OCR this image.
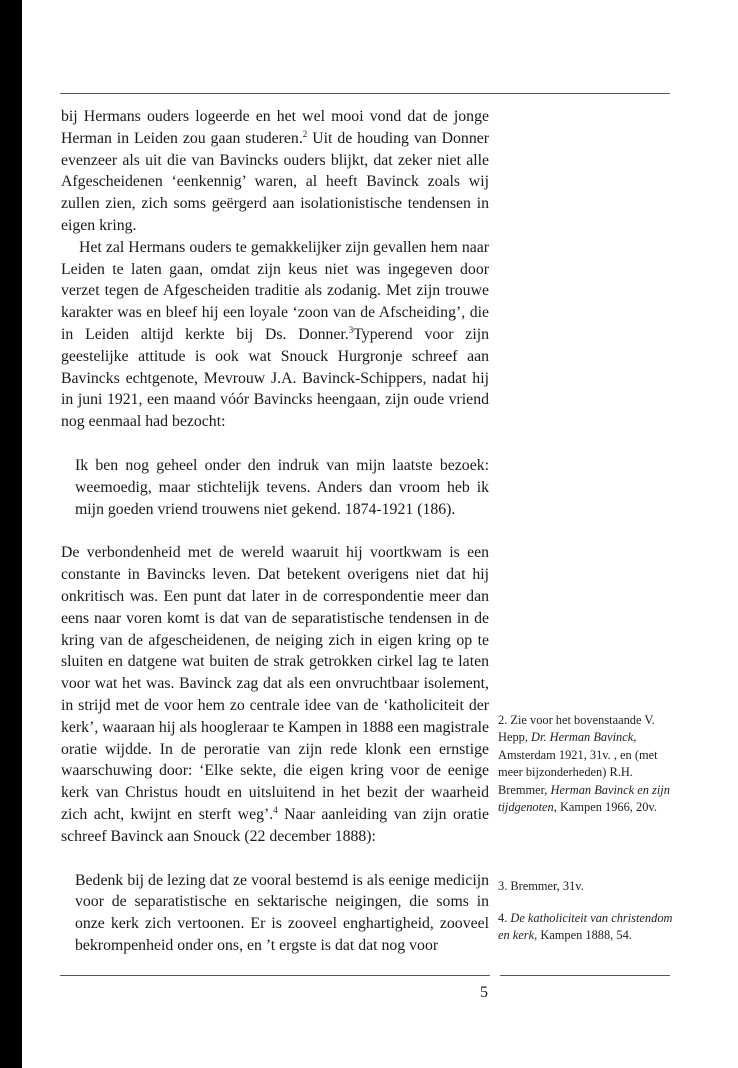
bij Hermans ouders logeerde en het wel mooi vond dat de jonge Herman in Leiden zou gaan studeren.$^2$ Uit de houding van Donner evenzeer als uit die van Bavincks ouders blijkt, dat zeker niet alle Afgescheidenen ‘eenkennig’ waren, al heeft Bavinck zoals wij zullen zien, zich soms geërgerd aan isolationistische tendensen in eigen kring.

Het zal Hermans ouders te gemakkelijker zijn gevallen hem naar Leiden te laten gaan, omdat zijn keus niet was ingegeven door verzet tegen de Afgescheiden traditie als zodanig. Met zijn trouwe karakter was en bleef hij een loyale ‘zoon van de Afscheiding’, die in Leiden altijd kerkte bij Ds. Donner.$^3$Typerend voor zijn geestelijke attitude is ook wat Snouck Hurgronje schreef aan Bavincks echtgenote, Mevrouw J.A. Bavinck-Schippers, nadat hij in juni 1921, een maand vóór Bavincks heengaan, zijn oude vriend nog eenmaal had bezocht:

Ik ben nog geheel onder den indruk van mijn laatste bezoek: weemoedig, maar stichtelijk tevens. Anders dan vroom heb ik mijn goeden vriend trouwens niet gekend. 1874-1921 (186).

De verbondenheid met de wereld waaruit hij voortkwam is een constante in Bavincks leven. Dat betekent overigens niet dat hij onkritisch was. Een punt dat later in de correspondentie meer dan eens naar voren komt is dat van de separatistische tendensen in de kring van de afgescheidenen, de neiging zich in eigen kring op te sluiten en datgene wat buiten de strak getrokken cirkel lag te laten voor wat het was. Bavinck zag dat als een onvruchtbaar isolement, in strijd met de voor hem zo centrale idee van de ‘katholiciteit der kerk’, waaraan hij als hoogleraar te Kampen in 1888 een magistrale oratie wijdde. In de peroratie van zijn rede klonk een ernstige waarschuwing door: ‘Elke sekte, die eigen kring voor de eenige kerk van Christus houdt en uitsluitend in het bezit der waarheid zich acht, kwijnt en sterft weg’.$^4$ Naar aanleiding van zijn oratie schreef Bavinck aan Snouck (22 december 1888):

Bedenk bij de lezing dat ze vooral bestemd is als eenige medicijn voor de separatistische en sektarische neigingen, die soms in onze kerk zich vertoonen. Er is zooveel enghartigheid, zooveel bekrompenheid onder ons, en ’t ergste is dat dat nog voor

2. Zie voor het bovenstaande V. Hepp, Dr. Herman Bavinck, Amsterdam 1921, 31v. , en (met meer bijzonderheden) R.H. Bremmer, Herman Bavinck en zijn tijdgenoten, Kampen 1966, 20v.

3. Bremmer, 31v.

4. De katholiciteit van christendom en kerk, Kampen 1888, 54.

5
